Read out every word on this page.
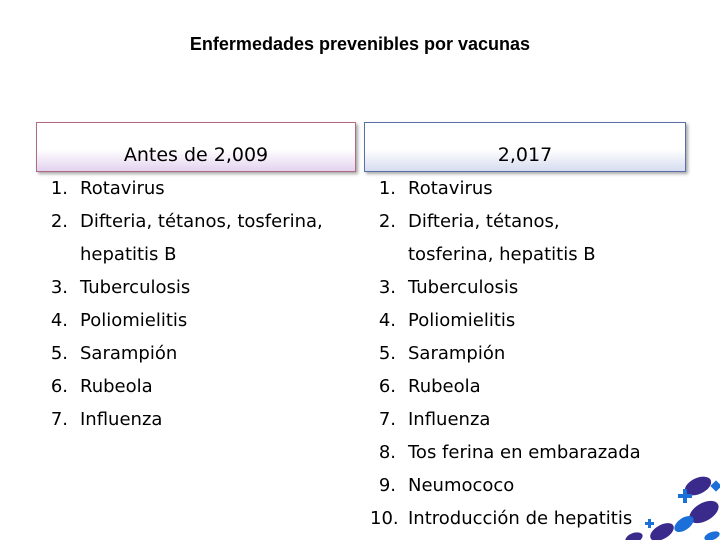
Enfermedades prevenibles por vacunas
Antes de 2,009	2,017
1. Rotavirus
2. Difteria, tétanos, tosferina,
hepatitis B
3. Tuberculosis
4. Poliomielitis
5. Sarampión
6. Rubeola
7. Influenza
1. Rotavirus
2. Difteria, tétanos,
tosferina, hepatitis B
3. Tuberculosis
4. Poliomielitis
5. Sarampión
6. Rubeola
7. Influenza
8. Tos ferina en embarazada
9. Neumococo
10. Introducción de hepatitis
